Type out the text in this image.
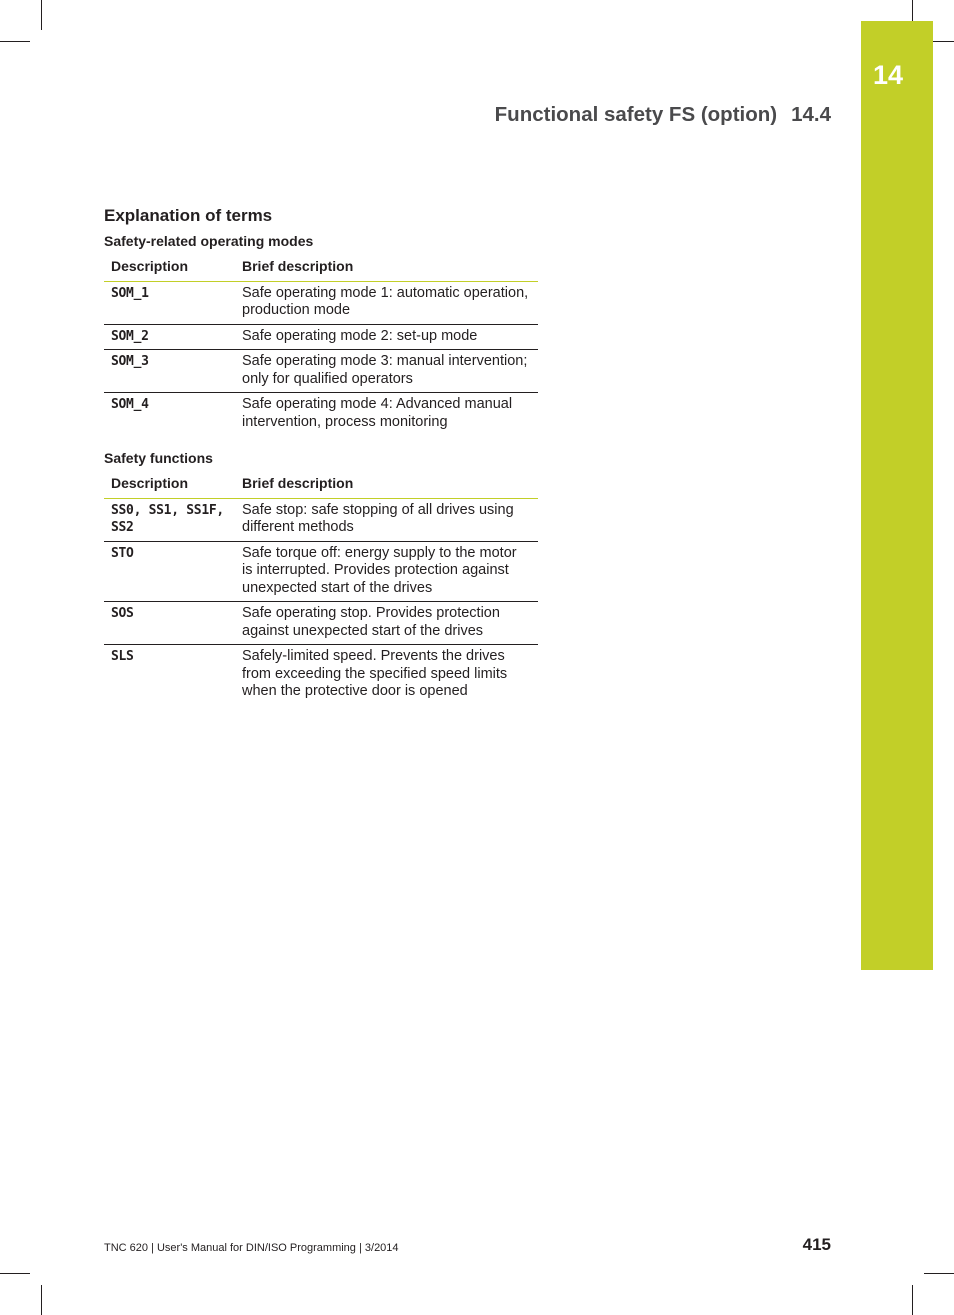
14
Functional safety FS (option) 14.4
Explanation of terms
Safety-related operating modes
Description	Brief description
SOM_1	Safe operating mode 1: automatic operation, production mode
SOM_2	Safe operating mode 2: set-up mode
SOM_3	Safe operating mode 3: manual intervention; only for qualified operators
SOM_4	Safe operating mode 4: Advanced manual intervention, process monitoring
Safety functions
Description	Brief description
SS0, SS1, SS1F, SS2	Safe stop: safe stopping of all drives using different methods
STO	Safe torque off: energy supply to the motor is interrupted. Provides protection against unexpected start of the drives
SOS	Safe operating stop. Provides protection against unexpected start of the drives
SLS	Safely-limited speed. Prevents the drives from exceeding the specified speed limits when the protective door is opened
TNC 620 | User's Manual for DIN/ISO Programming | 3/2014	415
